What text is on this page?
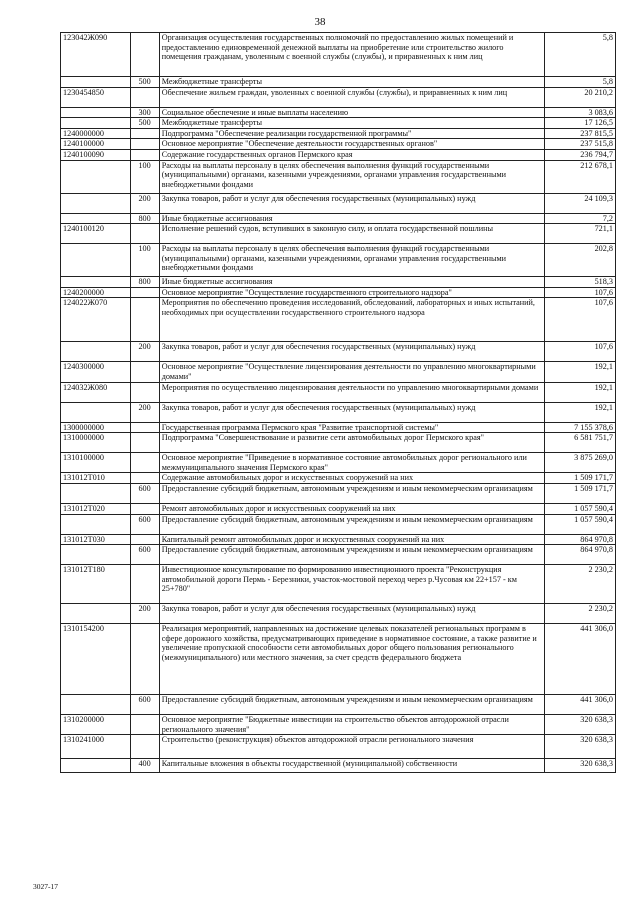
38
123042Ж090		Организация осуществления государственных полномочий по предоставлению жилых помещений и предоставлению единовременной денежной выплаты на приобретение или строительство жилого помещения гражданам, уволенным с военной службы (службы), и приравненных к ним лиц	5,8
	500	Межбюджетные трансферты	5,8
1230454850		Обеспечение жильем граждан, уволенных с военной службы (службы), и приравненных к ним лиц	20 210,2
	300	Социальное обеспечение и иные выплаты населению	3 083,6
	500	Межбюджетные трансферты	17 126,5
1240000000		Подпрограмма "Обеспечение реализации государственной программы"	237 815,5
1240100000		Основное мероприятие "Обеспечение деятельности государственных органов"	237 515,8
1240100090		Содержание государственных органов Пермского края	236 794,7
	100	Расходы на выплаты персоналу в целях обеспечения выполнения функций государственными (муниципальными) органами, казенными учреждениями, органами управления государственными внебюджетными фондами	212 678,1
	200	Закупка товаров, работ и услуг для обеспечения государственных (муниципальных) нужд	24 109,3
	800	Иные бюджетные ассигнования	7,2
1240100120		Исполнение решений судов, вступивших в законную силу, и оплата государственной пошлины	721,1
	100	Расходы на выплаты персоналу в целях обеспечения выполнения функций государственными (муниципальными) органами, казенными учреждениями, органами управления государственными внебюджетными фондами	202,8
	800	Иные бюджетные ассигнования	518,3
1240200000		Основное мероприятие "Осуществление государственного строительного надзора"	107,6
124022Ж070		Мероприятия по обеспечению проведения исследований, обследований, лабораторных и иных испытаний, необходимых при осуществлении государственного строительного надзора	107,6
	200	Закупка товаров, работ и услуг для обеспечения государственных (муниципальных) нужд	107,6
1240300000		Основное мероприятие "Осуществление лицензирования деятельности по управлению многоквартирными домами"	192,1
124032Ж080		Мероприятия по осуществлению лицензирования деятельности по управлению многоквартирными домами	192,1
	200	Закупка товаров, работ и услуг для обеспечения государственных (муниципальных) нужд	192,1
1300000000		Государственная программа Пермского края "Развитие транспортной системы"	7 155 378,6
1310000000		Подпрограмма "Совершенствование и развитие сети автомобильных дорог Пермского края"	6 581 751,7
1310100000		Основное мероприятие "Приведение в нормативное состояние автомобильных дорог регионального или межмуниципального значения Пермского края"	3 875 269,0
131012Т010		Содержание автомобильных дорог и искусственных сооружений на них	1 509 171,7
	600	Предоставление субсидий бюджетным, автономным учреждениям и иным некоммерческим организациям	1 509 171,7
131012Т020		Ремонт автомобильных дорог и искусственных сооружений на них	1 057 590,4
	600	Предоставление субсидий бюджетным, автономным учреждениям и иным некоммерческим организациям	1 057 590,4
131012Т030		Капитальный ремонт автомобильных дорог и искусственных сооружений на них	864 970,8
	600	Предоставление субсидий бюджетным, автономным учреждениям и иным некоммерческим организациям	864 970,8
131012Т180		Инвестиционное консультирование по формированию инвестиционного проекта "Реконструкция автомобильной дороги Пермь - Березники, участок-мостовой переход через р.Чусовая км 22+157 - км 25+780"	2 230,2
	200	Закупка товаров, работ и услуг для обеспечения государственных (муниципальных) нужд	2 230,2
1310154200		Реализация мероприятий, направленных на достижение целевых показателей региональных программ в сфере дорожного хозяйства, предусматривающих приведение в нормативное состояние, а также развитие и увеличение пропускной способности сети автомобильных дорог общего пользования регионального (межмуниципального) или местного значения, за счет средств федерального бюджета	441 306,0
	600	Предоставление субсидий бюджетным, автономным учреждениям и иным некоммерческим организациям	441 306,0
1310200000		Основное мероприятие "Бюджетные инвестиции на строительство объектов автодорожной отрасли регионального значения"	320 638,3
1310241000		Строительство (реконструкция) объектов автодорожной отрасли регионального значения	320 638,3
	400	Капитальные вложения в объекты государственной (муниципальной) собственности	320 638,3
3027-17
